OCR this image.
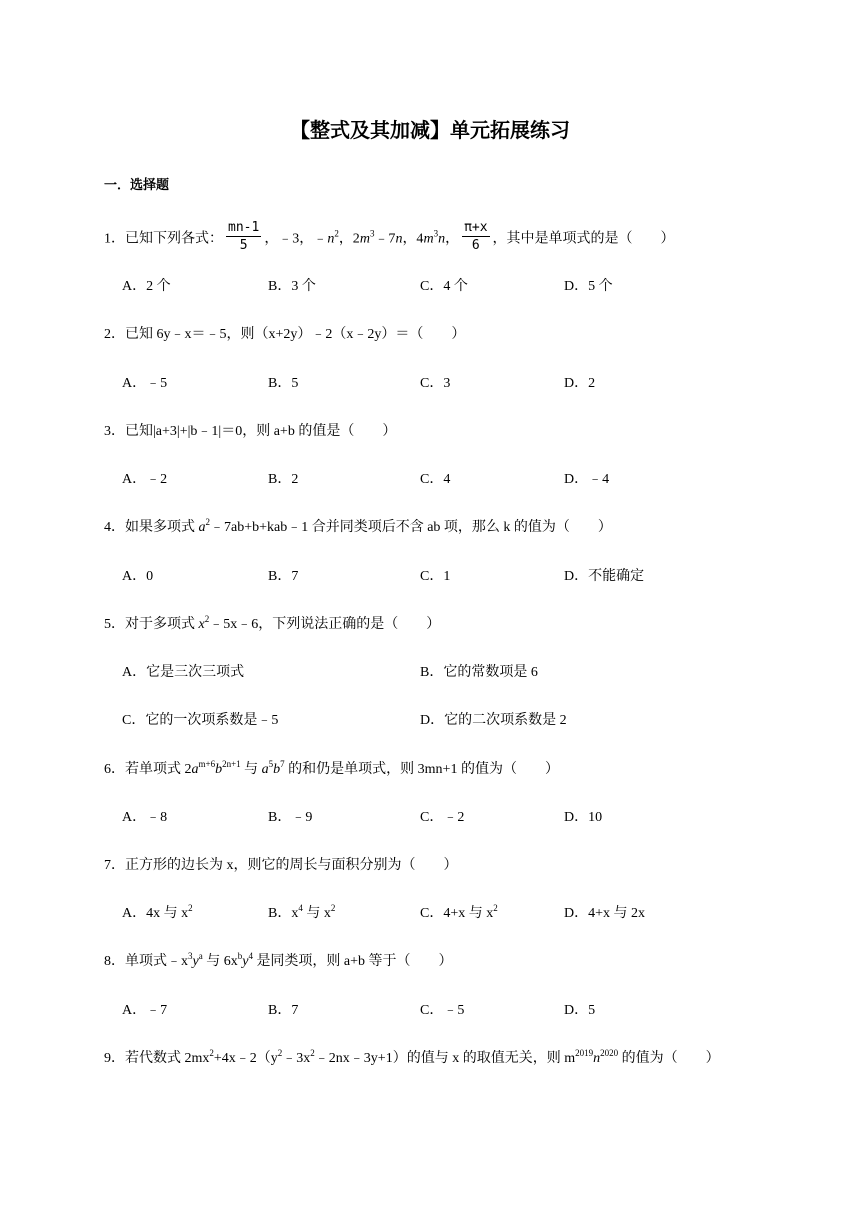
【整式及其加减】单元拓展练习
一．选择题
1．已知下列各式： $\frac{mn-1}{5}$ ，﹣3，$﹣n^2$，$2m^3﹣7n$，$4m^3n$， $\frac{\pi+x}{6}$ ，其中是单项式的是（　　）
A．2 个	B．3 个	C．4 个	D．5 个
2．已知 6y﹣x＝﹣5，则（x+2y）﹣2（x﹣2y）＝（　　）
A．﹣5	B．5	C．3	D．2
3．已知|a+3|+|b﹣1|＝0，则 a+b 的值是（　　）
A．﹣2	B．2	C．4	D．﹣4
4．如果多项式 $a^2﹣7ab+b+kab﹣1$ 合并同类项后不含 ab 项，那么 k 的值为（　　）
A．0	B．7	C．1	D．不能确定
5．对于多项式 $x^2﹣5x﹣6$，下列说法正确的是（　　）
A．它是三次三项式	B．它的常数项是 6
C．它的一次项系数是﹣5	D．它的二次项系数是 2
6．若单项式 $2a^{m+6}b^{2n+1}$ 与 $a^5b^7$ 的和仍是单项式，则 3mn+1 的值为（　　）
A．﹣8	B．﹣9	C．﹣2	D．10
7．正方形的边长为 x，则它的周长与面积分别为（　　）
A．4x 与 $x^2$	B．$x^4$ 与 $x^2$	C．4+x 与 $x^2$	D．4+x 与 2x
8．单项式$﹣x^3y^a$ 与 $6x^by^4$ 是同类项，则 a+b 等于（　　）
A．﹣7	B．7	C．﹣5	D．5
9．若代数式 $2mx^2+4x﹣2(y^2﹣3x^2﹣2nx﹣3y+1)$的值与 x 的取值无关，则 $m^{2019}n^{2020}$ 的值为（　　）
